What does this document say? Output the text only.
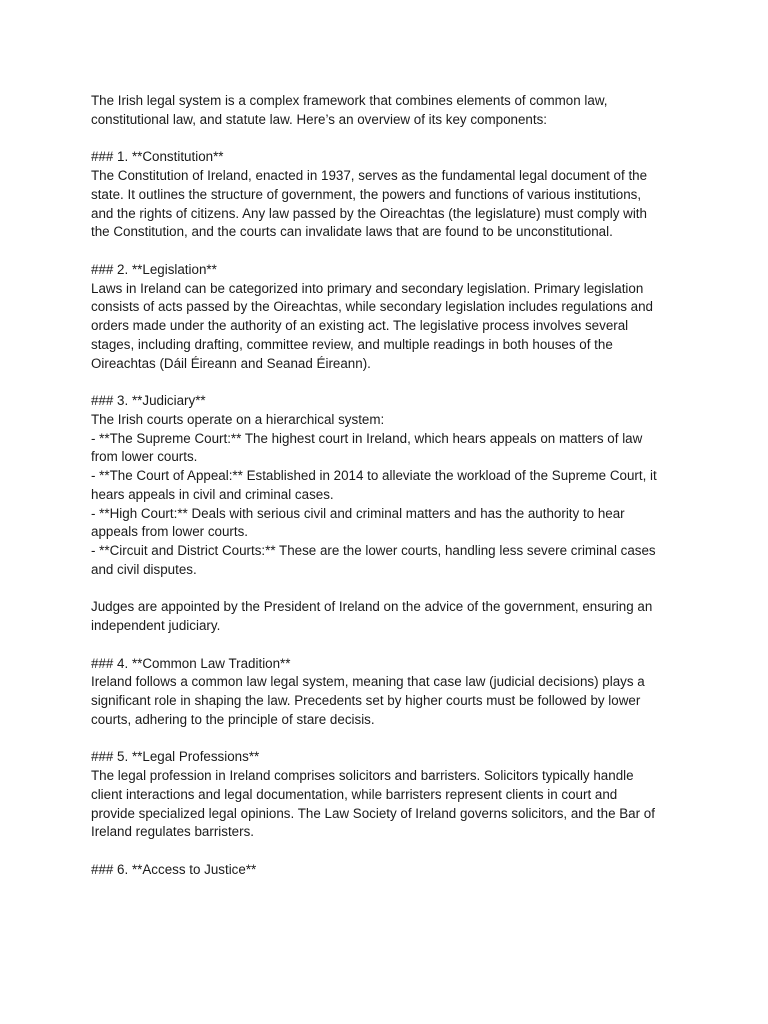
The Irish legal system is a complex framework that combines elements of common law,
constitutional law, and statute law. Here’s an overview of its key components:

### 1. **Constitution**

The Constitution of Ireland, enacted in 1937, serves as the fundamental legal document of the
state. It outlines the structure of government, the powers and functions of various institutions,
and the rights of citizens. Any law passed by the Oireachtas (the legislature) must comply with
the Constitution, and the courts can invalidate laws that are found to be unconstitutional.

### 2. **Legislation**

Laws in Ireland can be categorized into primary and secondary legislation. Primary legislation
consists of acts passed by the Oireachtas, while secondary legislation includes regulations and
orders made under the authority of an existing act. The legislative process involves several
stages, including drafting, committee review, and multiple readings in both houses of the
Oireachtas (Dáil Éireann and Seanad Éireann).

### 3. **Judiciary**

The Irish courts operate on a hierarchical system:
- **The Supreme Court:** The highest court in Ireland, which hears appeals on matters of law
from lower courts.
- **The Court of Appeal:** Established in 2014 to alleviate the workload of the Supreme Court, it
hears appeals in civil and criminal cases.
- **High Court:** Deals with serious civil and criminal matters and has the authority to hear
appeals from lower courts.
- **Circuit and District Courts:** These are the lower courts, handling less severe criminal cases
and civil disputes.

Judges are appointed by the President of Ireland on the advice of the government, ensuring an
independent judiciary.

### 4. **Common Law Tradition**

Ireland follows a common law legal system, meaning that case law (judicial decisions) plays a
significant role in shaping the law. Precedents set by higher courts must be followed by lower
courts, adhering to the principle of stare decisis.

### 5. **Legal Professions**

The legal profession in Ireland comprises solicitors and barristers. Solicitors typically handle
client interactions and legal documentation, while barristers represent clients in court and
provide specialized legal opinions. The Law Society of Ireland governs solicitors, and the Bar of
Ireland regulates barristers.

### 6. **Access to Justice**
